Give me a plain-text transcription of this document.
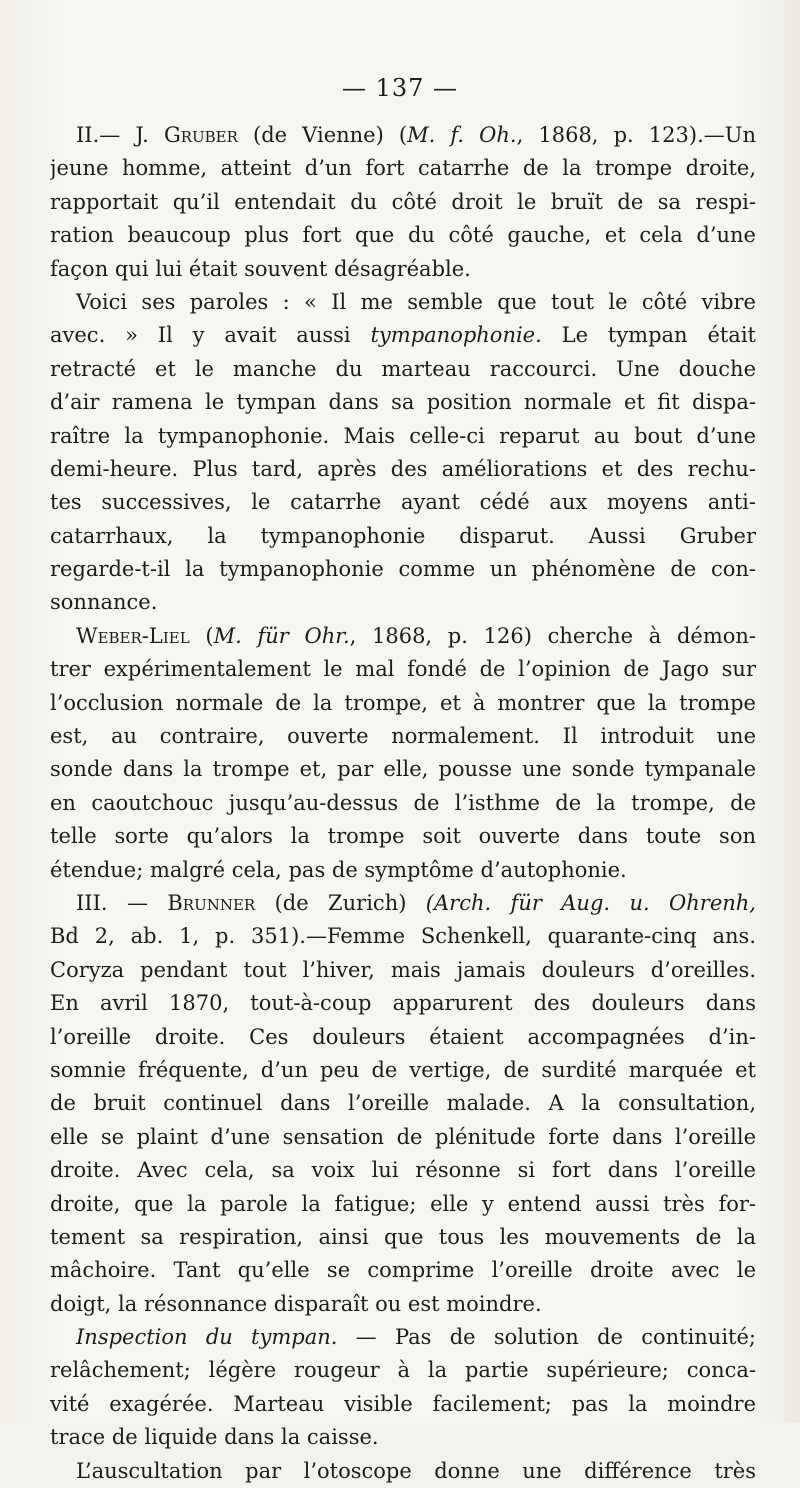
— 137 —
II.— J. Gruber (de Vienne) (M. f. Oh., 1868, p. 123).—Un
jeune homme, atteint d’un fort catarrhe de la trompe droite,
rapportait qu’il entendait du côté droit le bruït de sa respi-
ration beaucoup plus fort que du côté gauche, et cela d’une
façon qui lui était souvent désagréable.
Voici ses paroles : « Il me semble que tout le côté vibre
avec. » Il y avait aussi tympanophonie. Le tympan était
retracté et le manche du marteau raccourci. Une douche
d’air ramena le tympan dans sa position normale et fit dispa-
raître la tympanophonie. Mais celle-ci reparut au bout d’une
demi-heure. Plus tard, après des améliorations et des rechu-
tes successives, le catarrhe ayant cédé aux moyens anti-
catarrhaux, la tympanophonie disparut. Aussi Gruber
regarde-t-il la tympanophonie comme un phénomène de con-
sonnance.
Weber-Liel (M. für Ohr., 1868, p. 126) cherche à démon-
trer expérimentalement le mal fondé de l’opinion de Jago sur
l’occlusion normale de la trompe, et à montrer que la trompe
est, au contraire, ouverte normalement. Il introduit une
sonde dans la trompe et, par elle, pousse une sonde tympanale
en caoutchouc jusqu’au-dessus de l’isthme de la trompe, de
telle sorte qu’alors la trompe soit ouverte dans toute son
étendue; malgré cela, pas de symptôme d’autophonie.
III. — Brunner (de Zurich) (Arch. für Aug. u. Ohrenh,
Bd 2, ab. 1, p. 351).—Femme Schenkell, quarante-cinq ans.
Coryza pendant tout l’hiver, mais jamais douleurs d’oreilles.
En avril 1870, tout-à-coup apparurent des douleurs dans
l’oreille droite. Ces douleurs étaient accompagnées d’in-
somnie fréquente, d’un peu de vertige, de surdité marquée et
de bruit continuel dans l’oreille malade. A la consultation,
elle se plaint d’une sensation de plénitude forte dans l’oreille
droite. Avec cela, sa voix lui résonne si fort dans l’oreille
droite, que la parole la fatigue; elle y entend aussi très for-
tement sa respiration, ainsi que tous les mouvements de la
mâchoire. Tant qu’elle se comprime l’oreille droite avec le
doigt, la résonnance disparaît ou est moindre.
Inspection du tympan. — Pas de solution de continuité;
relâchement; légère rougeur à la partie supérieure; conca-
vité exagérée. Marteau visible facilement; pas la moindre
trace de liquide dans la caisse.
L’auscultation par l’otoscope donne une différence très
